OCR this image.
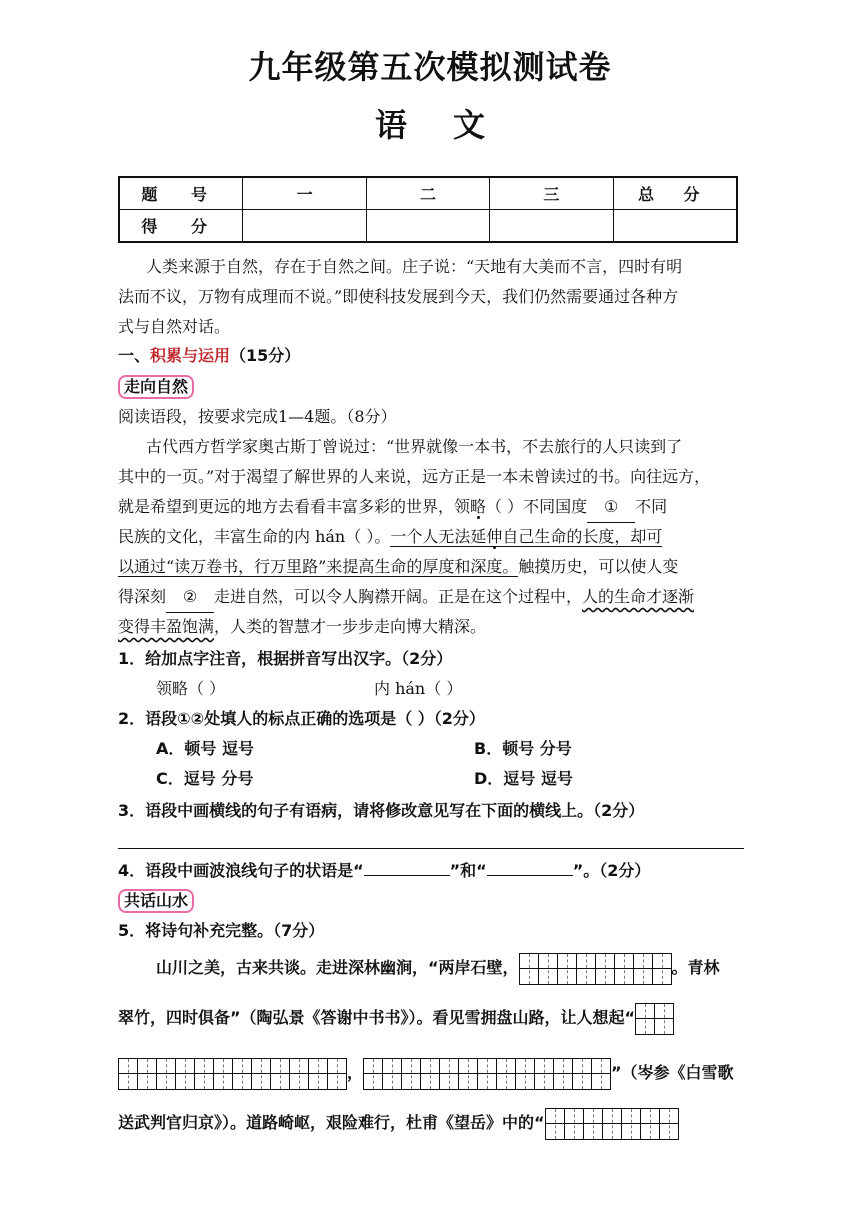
九年级第五次模拟测试卷
语 文
题 号	一	二	三	总 分
得 分				
人类来源于自然，存在于自然之间。庄子说：“天地有大美而不言，四时有明
法而不议，万物有成理而不说。”即使科技发展到今天，我们仍然需要通过各种方
式与自然对话。
一、积累与运用（15分）
走向自然
阅读语段，按要求完成1—4题。（8分）
古代西方哲学家奥古斯丁曾说过：“世界就像一本书，不去旅行的人只读到了
其中的一页。”对于渴望了解世界的人来说，远方正是一本未曾读过的书。向往远方，
就是希望到更远的地方去看看丰富多彩的世界，领略（ ）不同国度 ① 不同
民族的文化，丰富生命的内 hán（ ）。一个人无法延伸自己生命的长度，却可
以通过“读万卷书，行万里路”来提高生命的厚度和深度。触摸历史，可以使人变
得深刻 ② 走进自然，可以令人胸襟开阔。正是在这个过程中，人的生命才逐渐
变得丰盈饱满，人类的智慧才一步步走向博大精深。
1．给加点字注音，根据拼音写出汉字。（2分）
领略（ ）	内 hán（ ）
2．语段①②处填人的标点正确的选项是（ ）（2分）
A．顿号 逗号	B．顿号 分号
C．逗号 分号	D．逗号 逗号
3．语段中画横线的句子有语病，请将修改意见写在下面的横线上。（2分）
4．语段中画波浪线句子的状语是“	”和“	”。（2分）
共话山水
5．将诗句补充完整。（7分）
山川之美，古来共谈。走进深林幽涧，“两岸石壁，	。青林
翠竹，四时俱备”（陶弘景《答谢中书书》）。看见雪拥盘山路，让人想起“
，	”（岑参《白雪歌
送武判官归京》）。道路崎岖，艰险难行，杜甫《望岳》中的“
